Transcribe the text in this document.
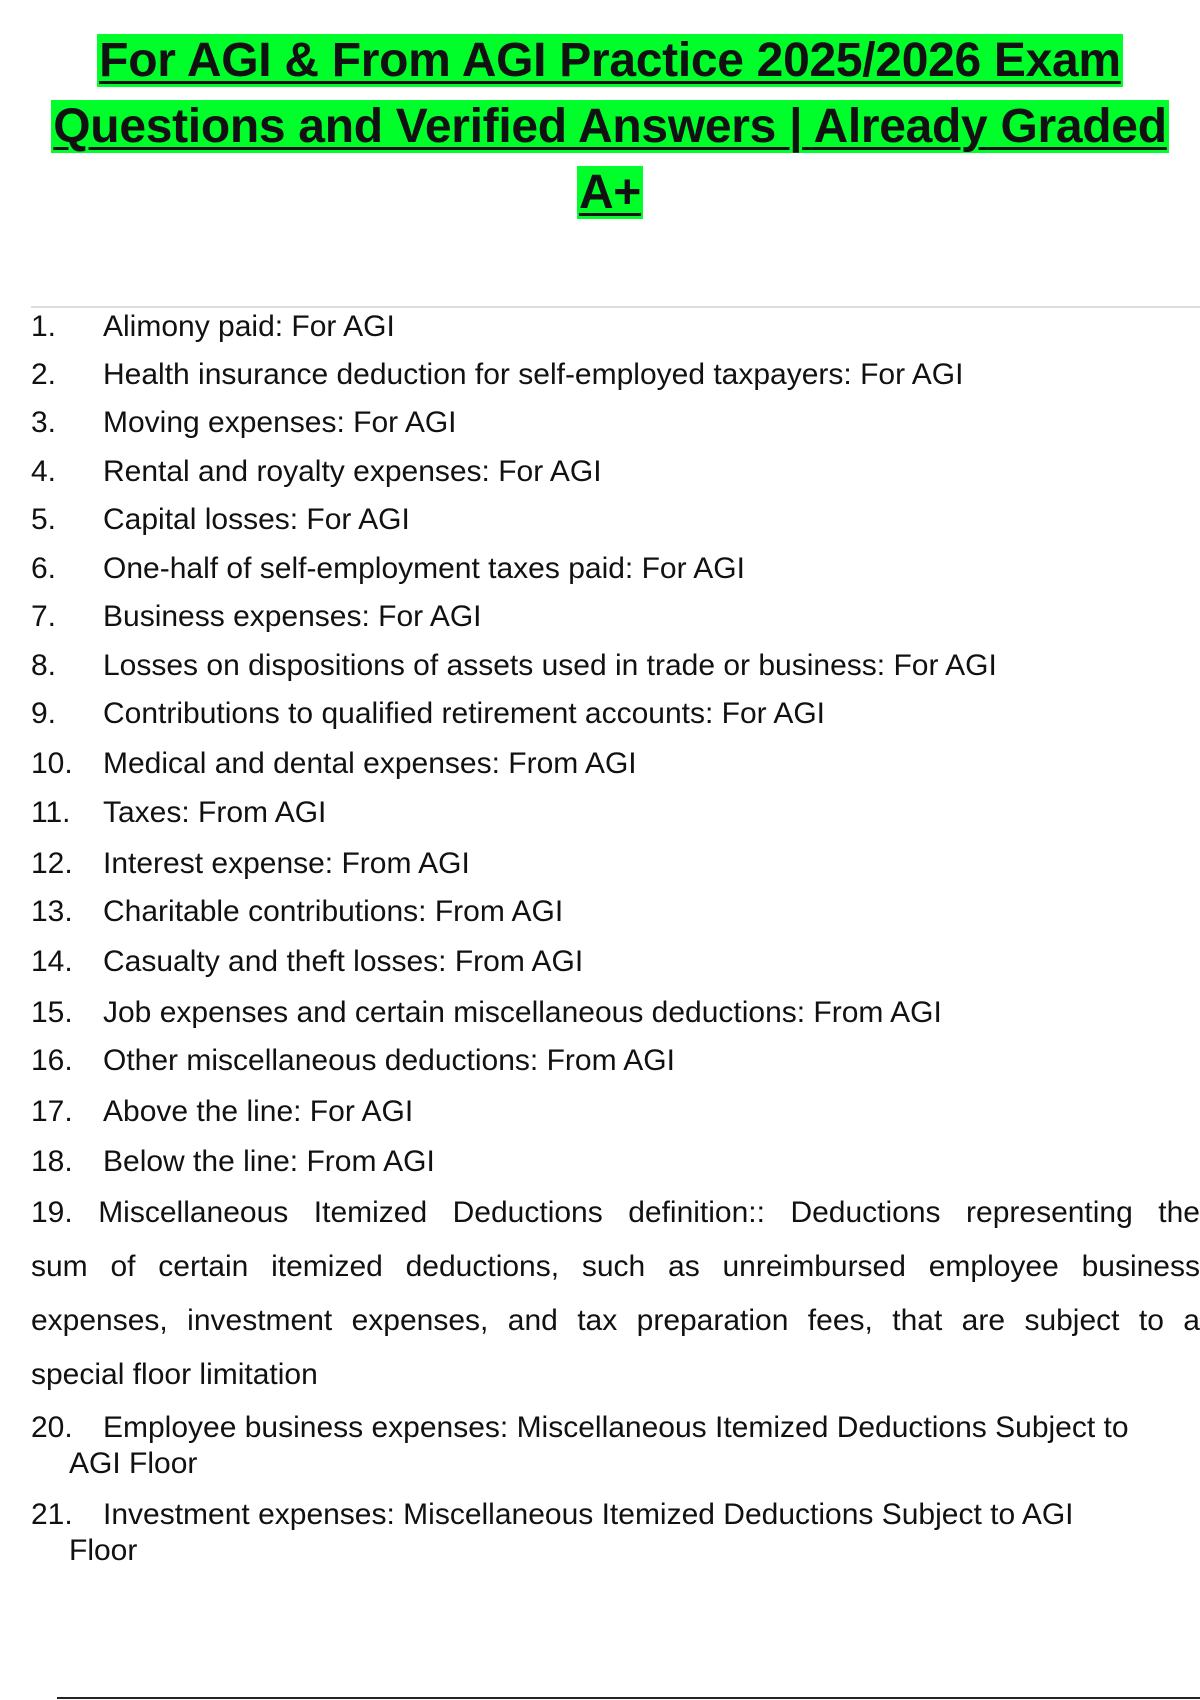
For AGI & From AGI Practice 2025/2026 Exam
Questions and Verified Answers | Already Graded
A+
1. Alimony paid: For AGI
2. Health insurance deduction for self-employed taxpayers: For AGI
3. Moving expenses: For AGI
4. Rental and royalty expenses: For AGI
5. Capital losses: For AGI
6. One-half of self-employment taxes paid: For AGI
7. Business expenses: For AGI
8. Losses on dispositions of assets used in trade or business: For AGI
9. Contributions to qualified retirement accounts: For AGI
10. Medical and dental expenses: From AGI
11. Taxes: From AGI
12. Interest expense: From AGI
13. Charitable contributions: From AGI
14. Casualty and theft losses: From AGI
15. Job expenses and certain miscellaneous deductions: From AGI
16. Other miscellaneous deductions: From AGI
17. Above the line: For AGI
18. Below the line: From AGI
19. Miscellaneous Itemized Deductions definition:: Deductions representing the
sum of certain itemized deductions, such as unreimbursed employee business
expenses, investment expenses, and tax preparation fees, that are subject to a
special floor limitation
20. Employee business expenses: Miscellaneous Itemized Deductions Subject to
AGI Floor
21. Investment expenses: Miscellaneous Itemized Deductions Subject to AGI
Floor
